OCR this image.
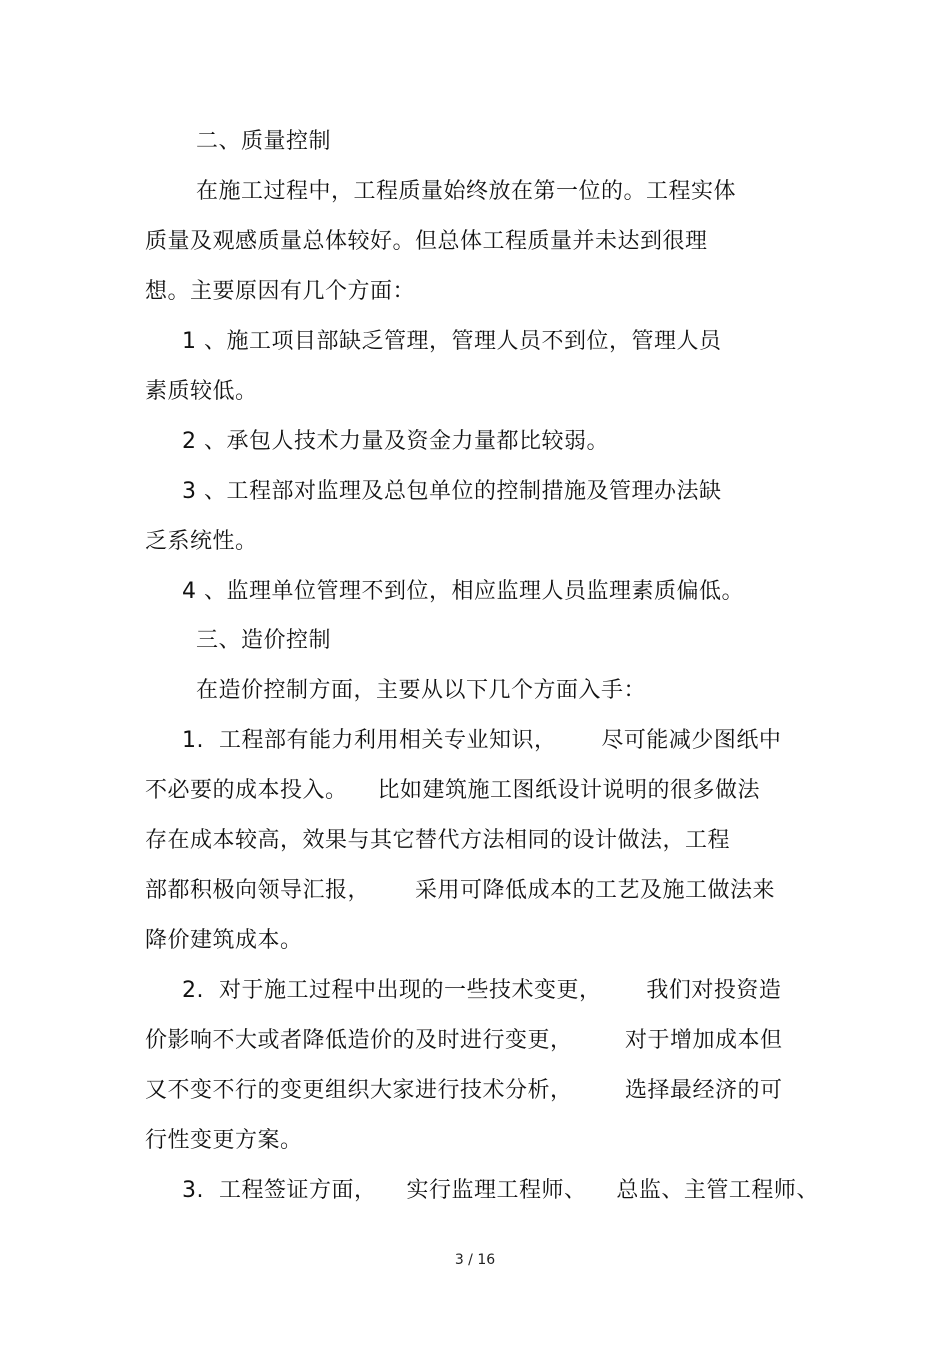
二、质量控制
在施工过程中，工程质量始终放在第一位的。工程实体
质量及观感质量总体较好。但总体工程质量并未达到很理
想。主要原因有几个方面：
1 、施工项目部缺乏管理，管理人员不到位，管理人员
素质较低。
2 、承包人技术力量及资金力量都比较弱。
3 、工程部对监理及总包单位的控制措施及管理办法缺
乏系统性。
4 、监理单位管理不到位，相应监理人员监理素质偏低。
三、造价控制
在造价控制方面，主要从以下几个方面入手：
1.  工程部有能力利用相关专业知识，      尽可能减少图纸中
不必要的成本投入。    比如建筑施工图纸设计说明的很多做法
存在成本较高，效果与其它替代方法相同的设计做法，工程
部都积极向领导汇报，      采用可降低成本的工艺及施工做法来
降价建筑成本。
2.  对于施工过程中出现的一些技术变更，      我们对投资造
价影响不大或者降低造价的及时进行变更，       对于增加成本但
又不变不行的变更组织大家进行技术分析，       选择最经济的可
行性变更方案。
3.  工程签证方面，    实行监理工程师、    总监、主管工程师、
3 / 16
